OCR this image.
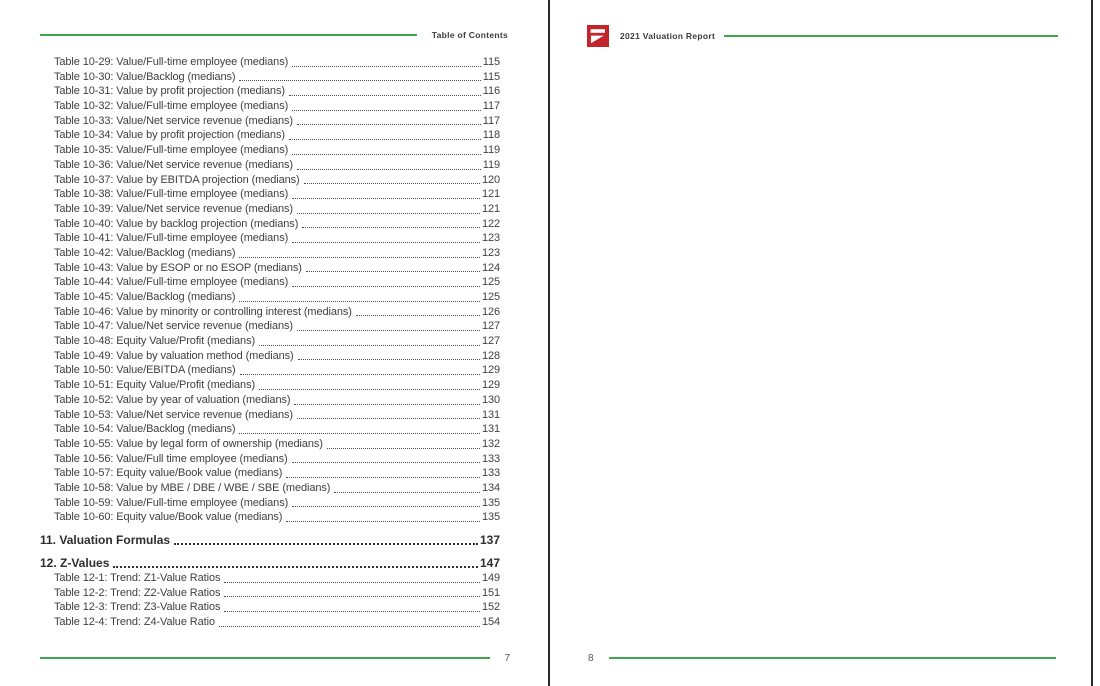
Table of Contents
Table 10-29: Value/Full-time employee (medians)	115
Table 10-30: Value/Backlog (medians)	115
Table 10-31: Value by profit projection (medians)	116
Table 10-32: Value/Full-time employee (medians)	117
Table 10-33: Value/Net service revenue (medians)	117
Table 10-34: Value by profit projection (medians)	118
Table 10-35: Value/Full-time employee (medians)	119
Table 10-36: Value/Net service revenue (medians)	119
Table 10-37: Value by EBITDA projection (medians)	120
Table 10-38: Value/Full-time employee (medians)	121
Table 10-39: Value/Net service revenue (medians)	121
Table 10-40: Value by backlog projection (medians)	122
Table 10-41: Value/Full-time employee (medians)	123
Table 10-42: Value/Backlog (medians)	123
Table 10-43: Value by ESOP or no ESOP (medians)	124
Table 10-44: Value/Full-time employee (medians)	125
Table 10-45: Value/Backlog (medians)	125
Table 10-46: Value by minority or controlling interest (medians)	126
Table 10-47: Value/Net service revenue (medians)	127
Table 10-48: Equity Value/Profit (medians)	127
Table 10-49: Value by valuation method (medians)	128
Table 10-50: Value/EBITDA (medians)	129
Table 10-51: Equity Value/Profit (medians)	129
Table 10-52: Value by year of valuation (medians)	130
Table 10-53: Value/Net service revenue (medians)	131
Table 10-54: Value/Backlog (medians)	131
Table 10-55: Value by legal form of ownership (medians)	132
Table 10-56: Value/Full time employee (medians)	133
Table 10-57: Equity value/Book value (medians)	133
Table 10-58: Value by MBE / DBE / WBE / SBE (medians)	134
Table 10-59: Value/Full-time employee (medians)	135
Table 10-60: Equity value/Book value (medians)	135
11. Valuation Formulas	137
12. Z-Values	147
Table 12-1: Trend: Z1-Value Ratios	149
Table 12-2: Trend: Z2-Value Ratios	151
Table 12-3: Trend: Z3-Value Ratios	152
Table 12-4: Trend: Z4-Value Ratio	154
7
2021 Valuation Report
8
